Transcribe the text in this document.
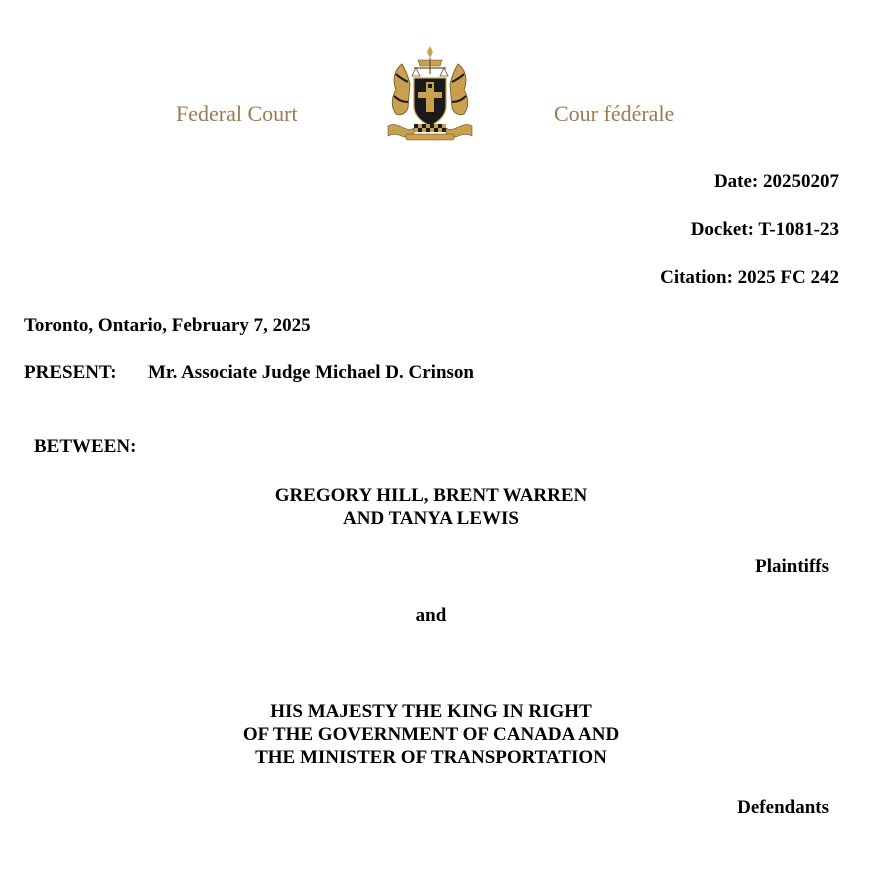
Federal Court	Cour fédérale
Date: 20250207
Docket: T-1081-23
Citation: 2025 FC 242
Toronto, Ontario, February 7, 2025
PRESENT: Mr. Associate Judge Michael D. Crinson
BETWEEN:
GREGORY HILL, BRENT WARREN
AND TANYA LEWIS
Plaintiffs
and
HIS MAJESTY THE KING IN RIGHT
OF THE GOVERNMENT OF CANADA AND
THE MINISTER OF TRANSPORTATION
Defendants
